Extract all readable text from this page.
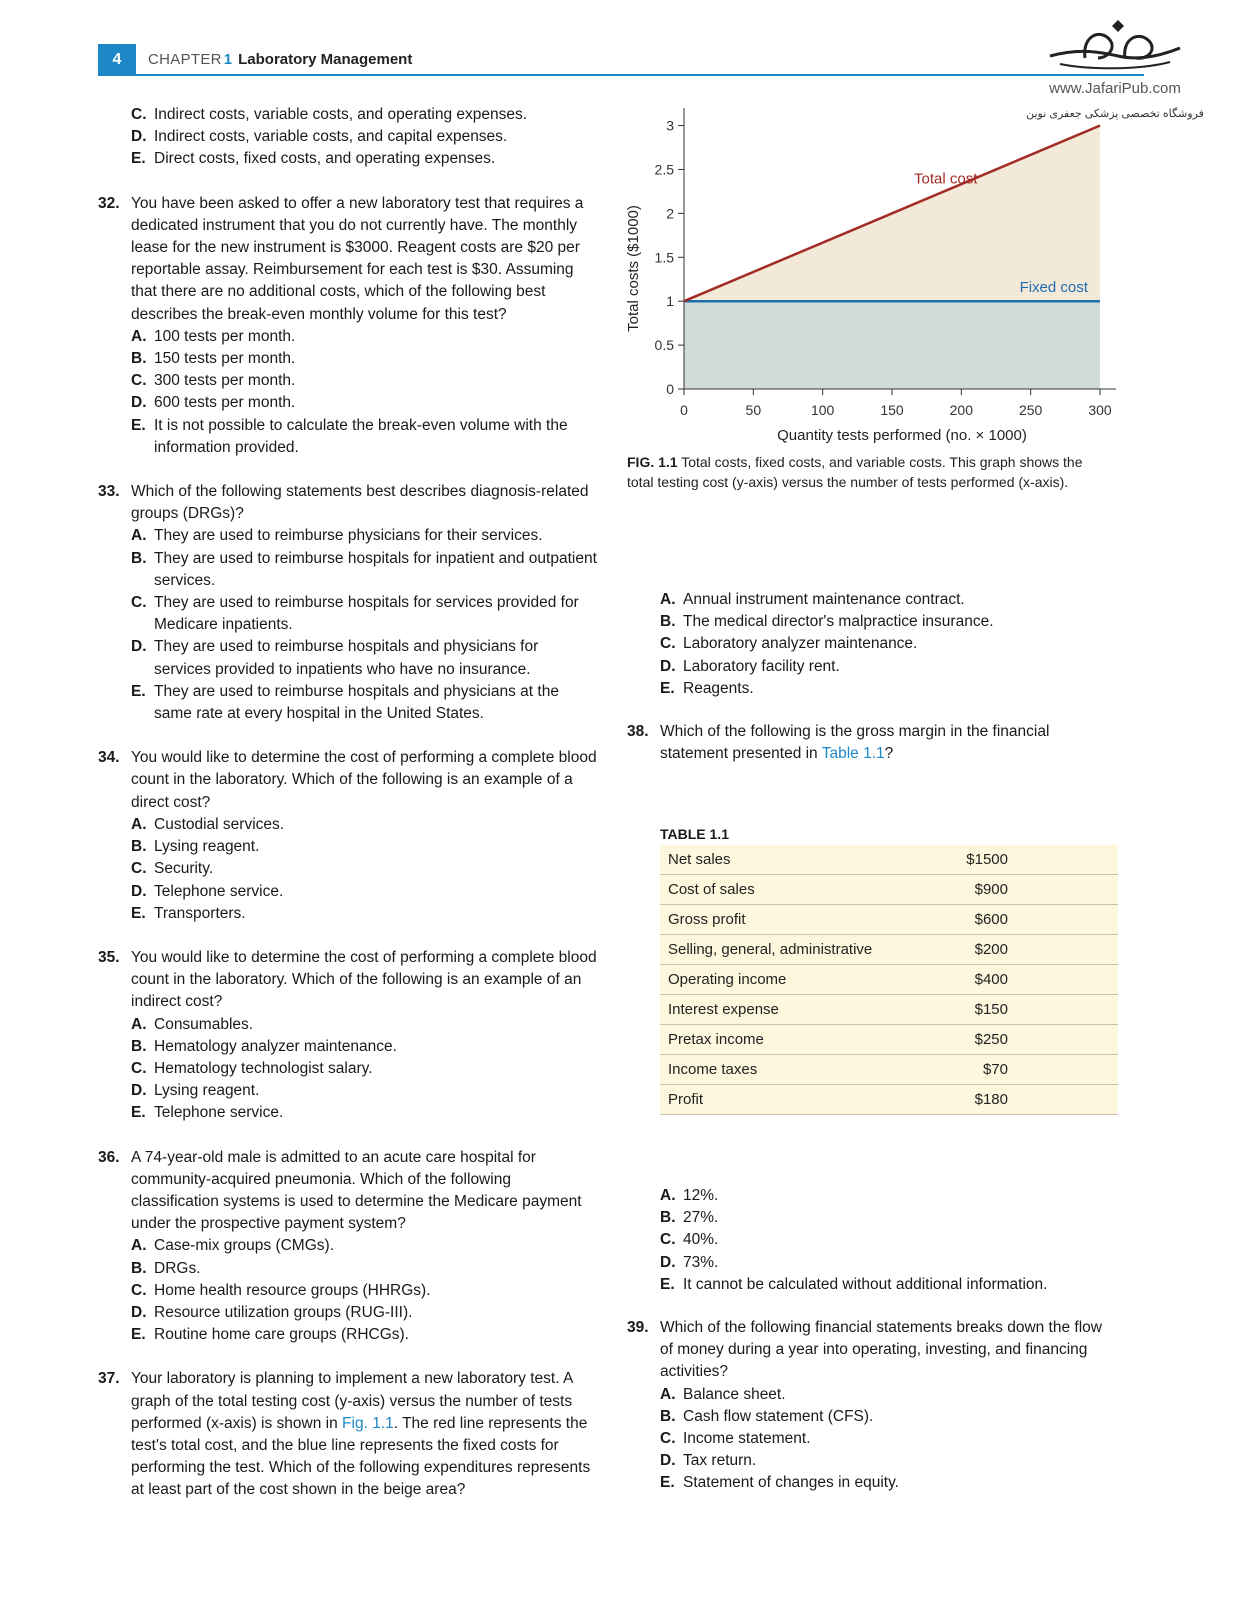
4	CHAPTER 1 Laboratory Management
www.JafariPub.com
فروشگاه تخصصی پزشکی جعفری نوین
C. Indirect costs, variable costs, and operating expenses.
D. Indirect costs, variable costs, and capital expenses.
E. Direct costs, fixed costs, and operating expenses.
32. You have been asked to offer a new laboratory test that requires a dedicated instrument that you do not currently have. The monthly lease for the new instrument is $3000. Reagent costs are $20 per reportable assay. Reimbursement for each test is $30. Assuming that there are no additional costs, which of the following best describes the break-even monthly volume for this test?
A. 100 tests per month.
B. 150 tests per month.
C. 300 tests per month.
D. 600 tests per month.
E. It is not possible to calculate the break-even volume with the information provided.
33. Which of the following statements best describes diagnosis-related groups (DRGs)?
A. They are used to reimburse physicians for their services.
B. They are used to reimburse hospitals for inpatient and outpatient services.
C. They are used to reimburse hospitals for services provided for Medicare inpatients.
D. They are used to reimburse hospitals and physicians for services provided to inpatients who have no insurance.
E. They are used to reimburse hospitals and physicians at the same rate at every hospital in the United States.
34. You would like to determine the cost of performing a complete blood count in the laboratory. Which of the following is an example of a direct cost?
A. Custodial services.
B. Lysing reagent.
C. Security.
D. Telephone service.
E. Transporters.
35. You would like to determine the cost of performing a complete blood count in the laboratory. Which of the following is an example of an indirect cost?
A. Consumables.
B. Hematology analyzer maintenance.
C. Hematology technologist salary.
D. Lysing reagent.
E. Telephone service.
36. A 74-year-old male is admitted to an acute care hospital for community-acquired pneumonia. Which of the following classification systems is used to determine the Medicare payment under the prospective payment system?
A. Case-mix groups (CMGs).
B. DRGs.
C. Home health resource groups (HHRGs).
D. Resource utilization groups (RUG-III).
E. Routine home care groups (RHCGs).
37. Your laboratory is planning to implement a new laboratory test. A graph of the total testing cost (y-axis) versus the number of tests performed (x-axis) is shown in Fig. 1.1. The red line represents the test's total cost, and the blue line represents the fixed costs for performing the test. Which of the following expenditures represents at least part of the cost shown in the beige area?
0
0.5
1
1.5
2
2.5
3
0	50	100	150	200	250	300
Total cost
Fixed cost
Quantity tests performed (no. × 1000)
Total costs ($1000)
FIG. 1.1 Total costs, fixed costs, and variable costs. This graph shows the total testing cost (y-axis) versus the number of tests performed (x-axis).
A. Annual instrument maintenance contract.
B. The medical director's malpractice insurance.
C. Laboratory analyzer maintenance.
D. Laboratory facility rent.
E. Reagents.
38. Which of the following is the gross margin in the financial statement presented in Table 1.1?
TABLE 1.1
Net sales	$1500
Cost of sales	$900
Gross profit	$600
Selling, general, administrative	$200
Operating income	$400
Interest expense	$150
Pretax income	$250
Income taxes	$70
Profit	$180
A. 12%.
B. 27%.
C. 40%.
D. 73%.
E. It cannot be calculated without additional information.
39. Which of the following financial statements breaks down the flow of money during a year into operating, investing, and financing activities?
A. Balance sheet.
B. Cash flow statement (CFS).
C. Income statement.
D. Tax return.
E. Statement of changes in equity.
